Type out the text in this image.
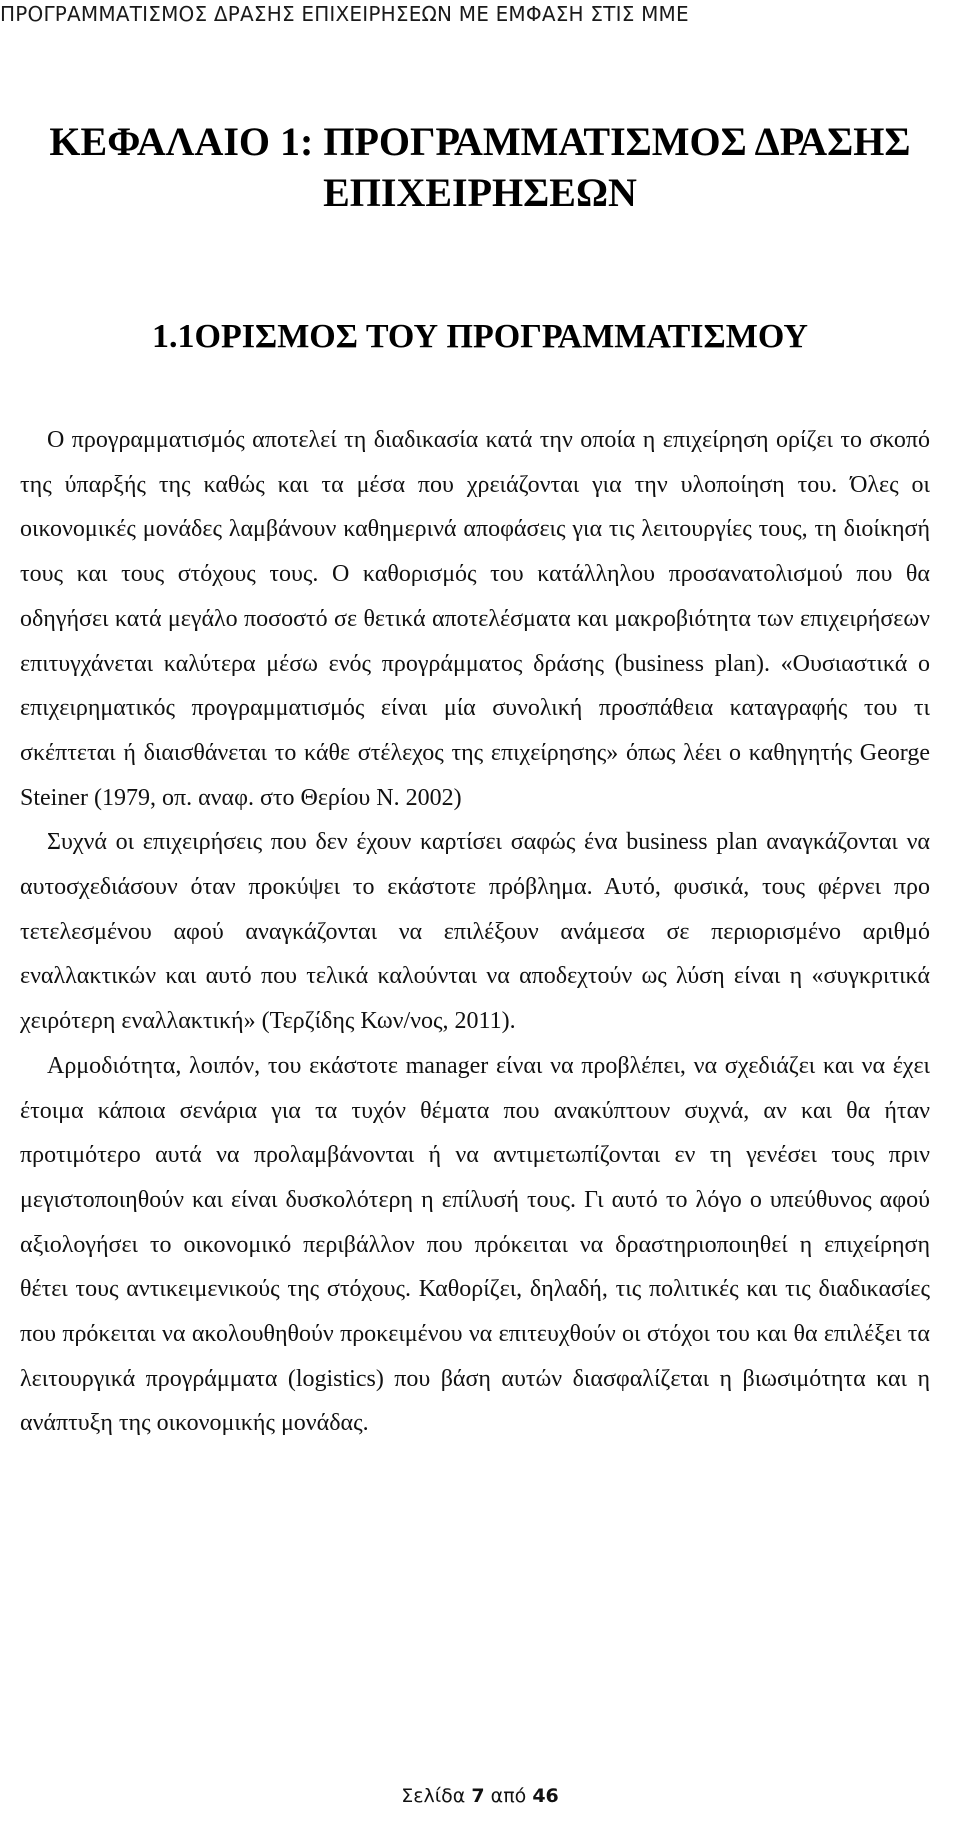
ΠΡΟΓΡΑΜΜΑΤΙΣΜΟΣ ΔΡΑΣΗΣ ΕΠΙΧΕΙΡΗΣΕΩΝ ΜΕ ΕΜΦΑΣΗ ΣΤΙΣ ΜΜΕ
ΚΕΦΑΛΑΙΟ 1: ΠΡΟΓΡΑΜΜΑΤΙΣΜΟΣ ΔΡΑΣΗΣ
ΕΠΙΧΕΙΡΗΣΕΩΝ
1.1ΟΡΙΣΜΟΣ ΤΟΥ ΠΡΟΓΡΑΜΜΑΤΙΣΜΟΥ

Ο προγραμματισμός αποτελεί τη διαδικασία κατά την οποία η επιχείρηση ορίζει το σκοπό της ύπαρξής της καθώς και τα μέσα που χρειάζονται για την υλοποίηση του. Όλες οι οικονομικές μονάδες λαμβάνουν καθημερινά αποφάσεις για τις λειτουργίες τους, τη διοίκησή τους και τους στόχους τους. Ο καθορισμός του κατάλληλου προσανατολισμού που θα οδηγήσει κατά μεγάλο ποσοστό σε θετικά αποτελέσματα και μακροβιότητα των επιχειρήσεων επιτυγχάνεται καλύτερα μέσω ενός προγράμματος δράσης (business plan). «Ουσιαστικά ο επιχειρηματικός προγραμματισμός είναι μία συνολική προσπάθεια καταγραφής του τι σκέπτεται ή διαισθάνεται το κάθε στέλεχος της επιχείρησης» όπως λέει ο καθηγητής George Steiner (1979, οπ. αναφ. στο Θερίου Ν. 2002)

Συχνά οι επιχειρήσεις που δεν έχουν καρτίσει σαφώς ένα business plan αναγκάζονται να αυτοσχεδιάσουν όταν προκύψει το εκάστοτε πρόβλημα. Αυτό, φυσικά, τους φέρνει προ τετελεσμένου αφού αναγκάζονται να επιλέξουν ανάμεσα σε περιορισμένο αριθμό εναλλακτικών και αυτό που τελικά καλούνται να αποδεχτούν ως λύση είναι η «συγκριτικά χειρότερη εναλλακτική» (Τερζίδης Κων/νος, 2011).

Αρμοδιότητα, λοιπόν, του εκάστοτε manager είναι να προβλέπει, να σχεδιάζει και να έχει έτοιμα κάποια σενάρια για τα τυχόν θέματα που ανακύπτουν συχνά, αν και θα ήταν προτιμότερο αυτά να προλαμβάνονται ή να αντιμετωπίζονται εν τη γενέσει τους πριν μεγιστοποιηθούν και είναι δυσκολότερη η επίλυσή τους. Γι αυτό το λόγο ο υπεύθυνος αφού αξιολογήσει το οικονομικό περιβάλλον που πρόκειται να δραστηριοποιηθεί η επιχείρηση θέτει τους αντικειμενικούς της στόχους. Καθορίζει, δηλαδή, τις πολιτικές και τις διαδικασίες που πρόκειται να ακολουθηθούν προκειμένου να επιτευχθούν οι στόχοι του και θα επιλέξει τα λειτουργικά προγράμματα (logistics) που βάση αυτών διασφαλίζεται η βιωσιμότητα και η ανάπτυξη της οικονομικής μονάδας.

Σελίδα 7 από 46
